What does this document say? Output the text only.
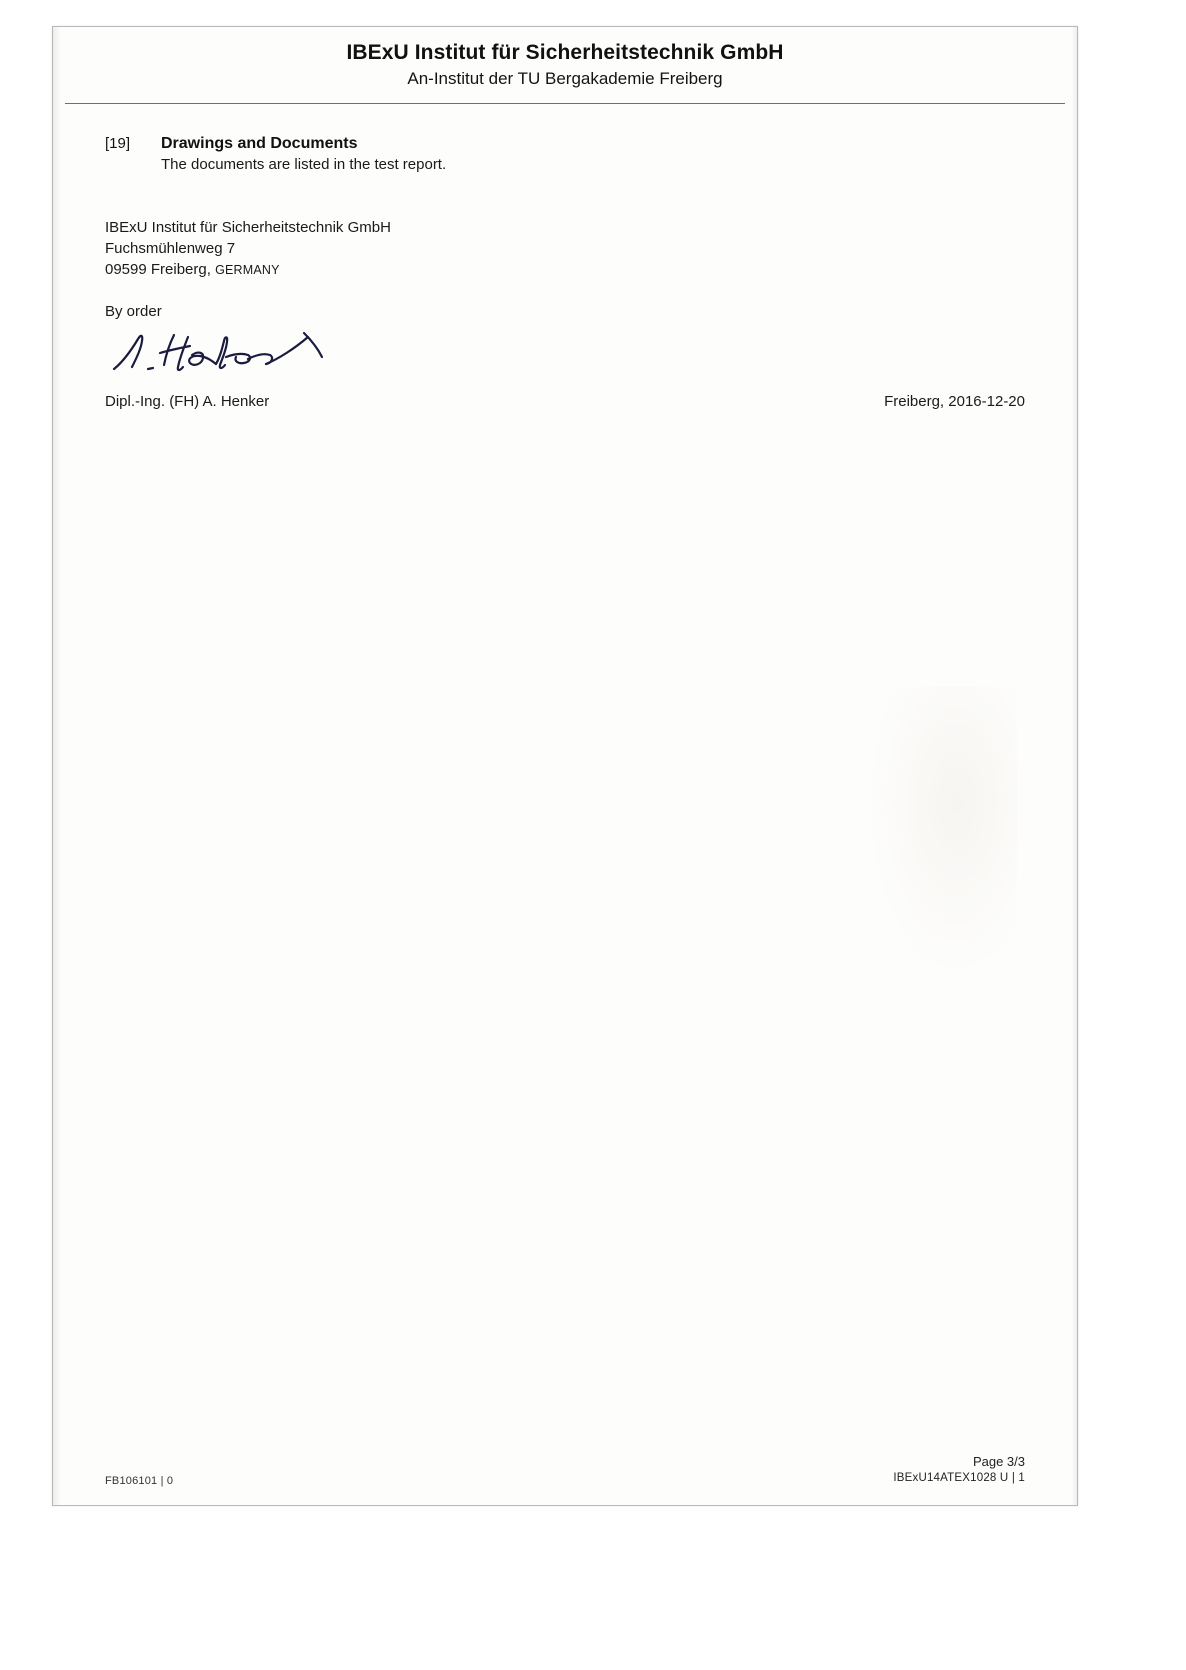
IBExU Institut für Sicherheitstechnik GmbH
An-Institut der TU Bergakademie Freiberg
[19]	Drawings and Documents
The documents are listed in the test report.
IBExU Institut für Sicherheitstechnik GmbH
Fuchsmühlenweg 7
09599 Freiberg, GERMANY
By order
Dipl.-Ing. (FH) A. Henker	Freiberg, 2016-12-20
FB106101 | 0
Page 3/3
IBExU14ATEX1028 U | 1
